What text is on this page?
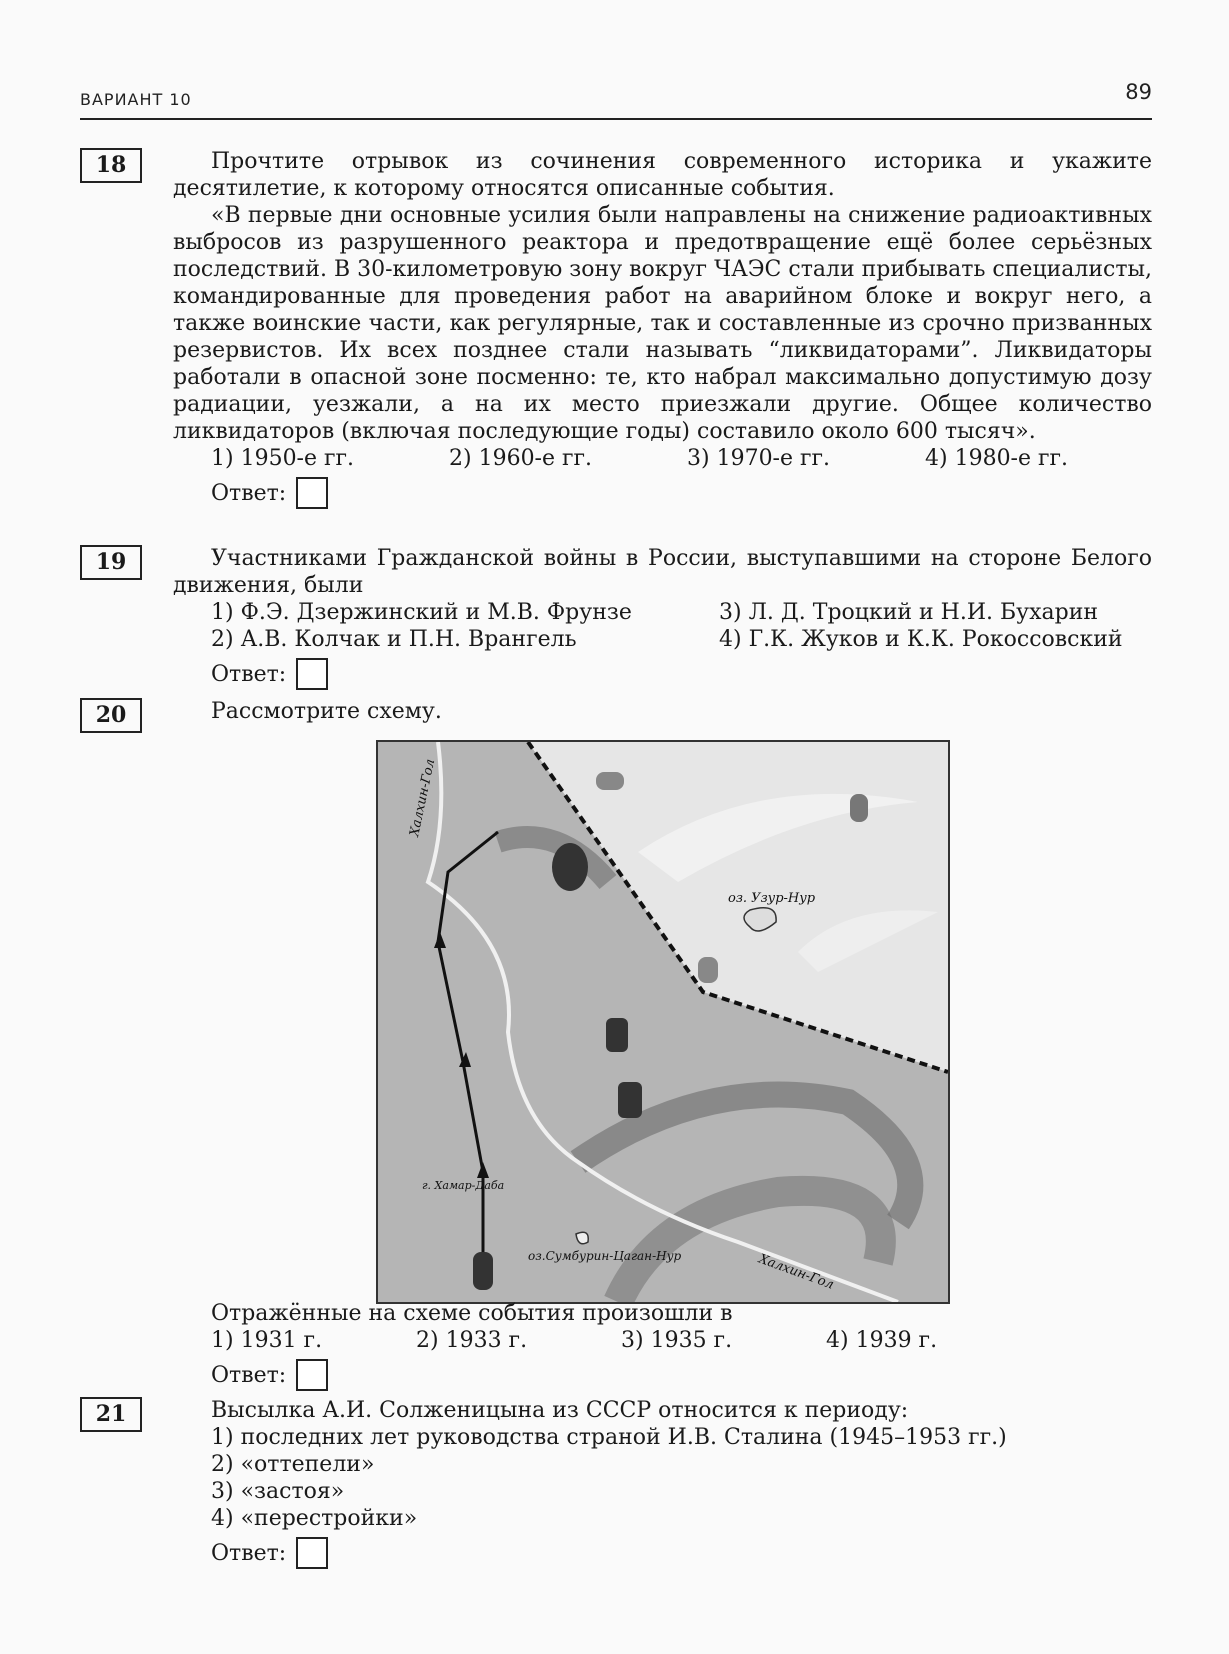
ВАРИАНТ 10	89
18	Прочтите отрывок из сочинения современного историка и укажите десятилетие, к которому относятся описанные события.

«В первые дни основные усилия были направлены на снижение радиоактивных выбросов из разрушенного реактора и предотвращение ещё более серьёзных последствий. В 30-километровую зону вокруг ЧАЭС стали прибывать специалисты, командированные для проведения работ на аварийном блоке и вокруг него, а также воинские части, как регулярные, так и составленные из срочно призванных резервистов. Их всех позднее стали называть “ликвидаторами”. Ликвидаторы работали в опасной зоне посменно: те, кто набрал максимально допустимую дозу радиации, уезжали, а на их место приезжали другие. Общее количество ликвидаторов (включая последующие годы) составило около 600 тысяч».

1) 1950-е гг.	2) 1960-е гг.	3) 1970-е гг.	4) 1980-е гг.
Ответ:
19	Участниками Гражданской войны в России, выступавшими на стороне Белого движения, были

1) Ф.Э. Дзержинский и М.В. Фрунзе	3) Л. Д. Троцкий и Н.И. Бухарин
2) А.В. Колчак и П.Н. Врангель	4) Г.К. Жуков и К.К. Рокоссовский
Ответ:
20	Рассмотрите схему.

Халхин-Гол
оз. Узур-Нур
г. Хамар-Даба
оз.Сумбурин-Цаган-Нур	Халхин-Гол

Отражённые на схеме события произошли в

1) 1931 г.	2) 1933 г.	3) 1935 г.	4) 1939 г.
Ответ:
21	Высылка А.И. Солженицына из СССР относится к периоду:

1) последних лет руководства страной И.В. Сталина (1945–1953 гг.)
2) «оттепели»
3) «застоя»
4) «перестройки»
Ответ:
